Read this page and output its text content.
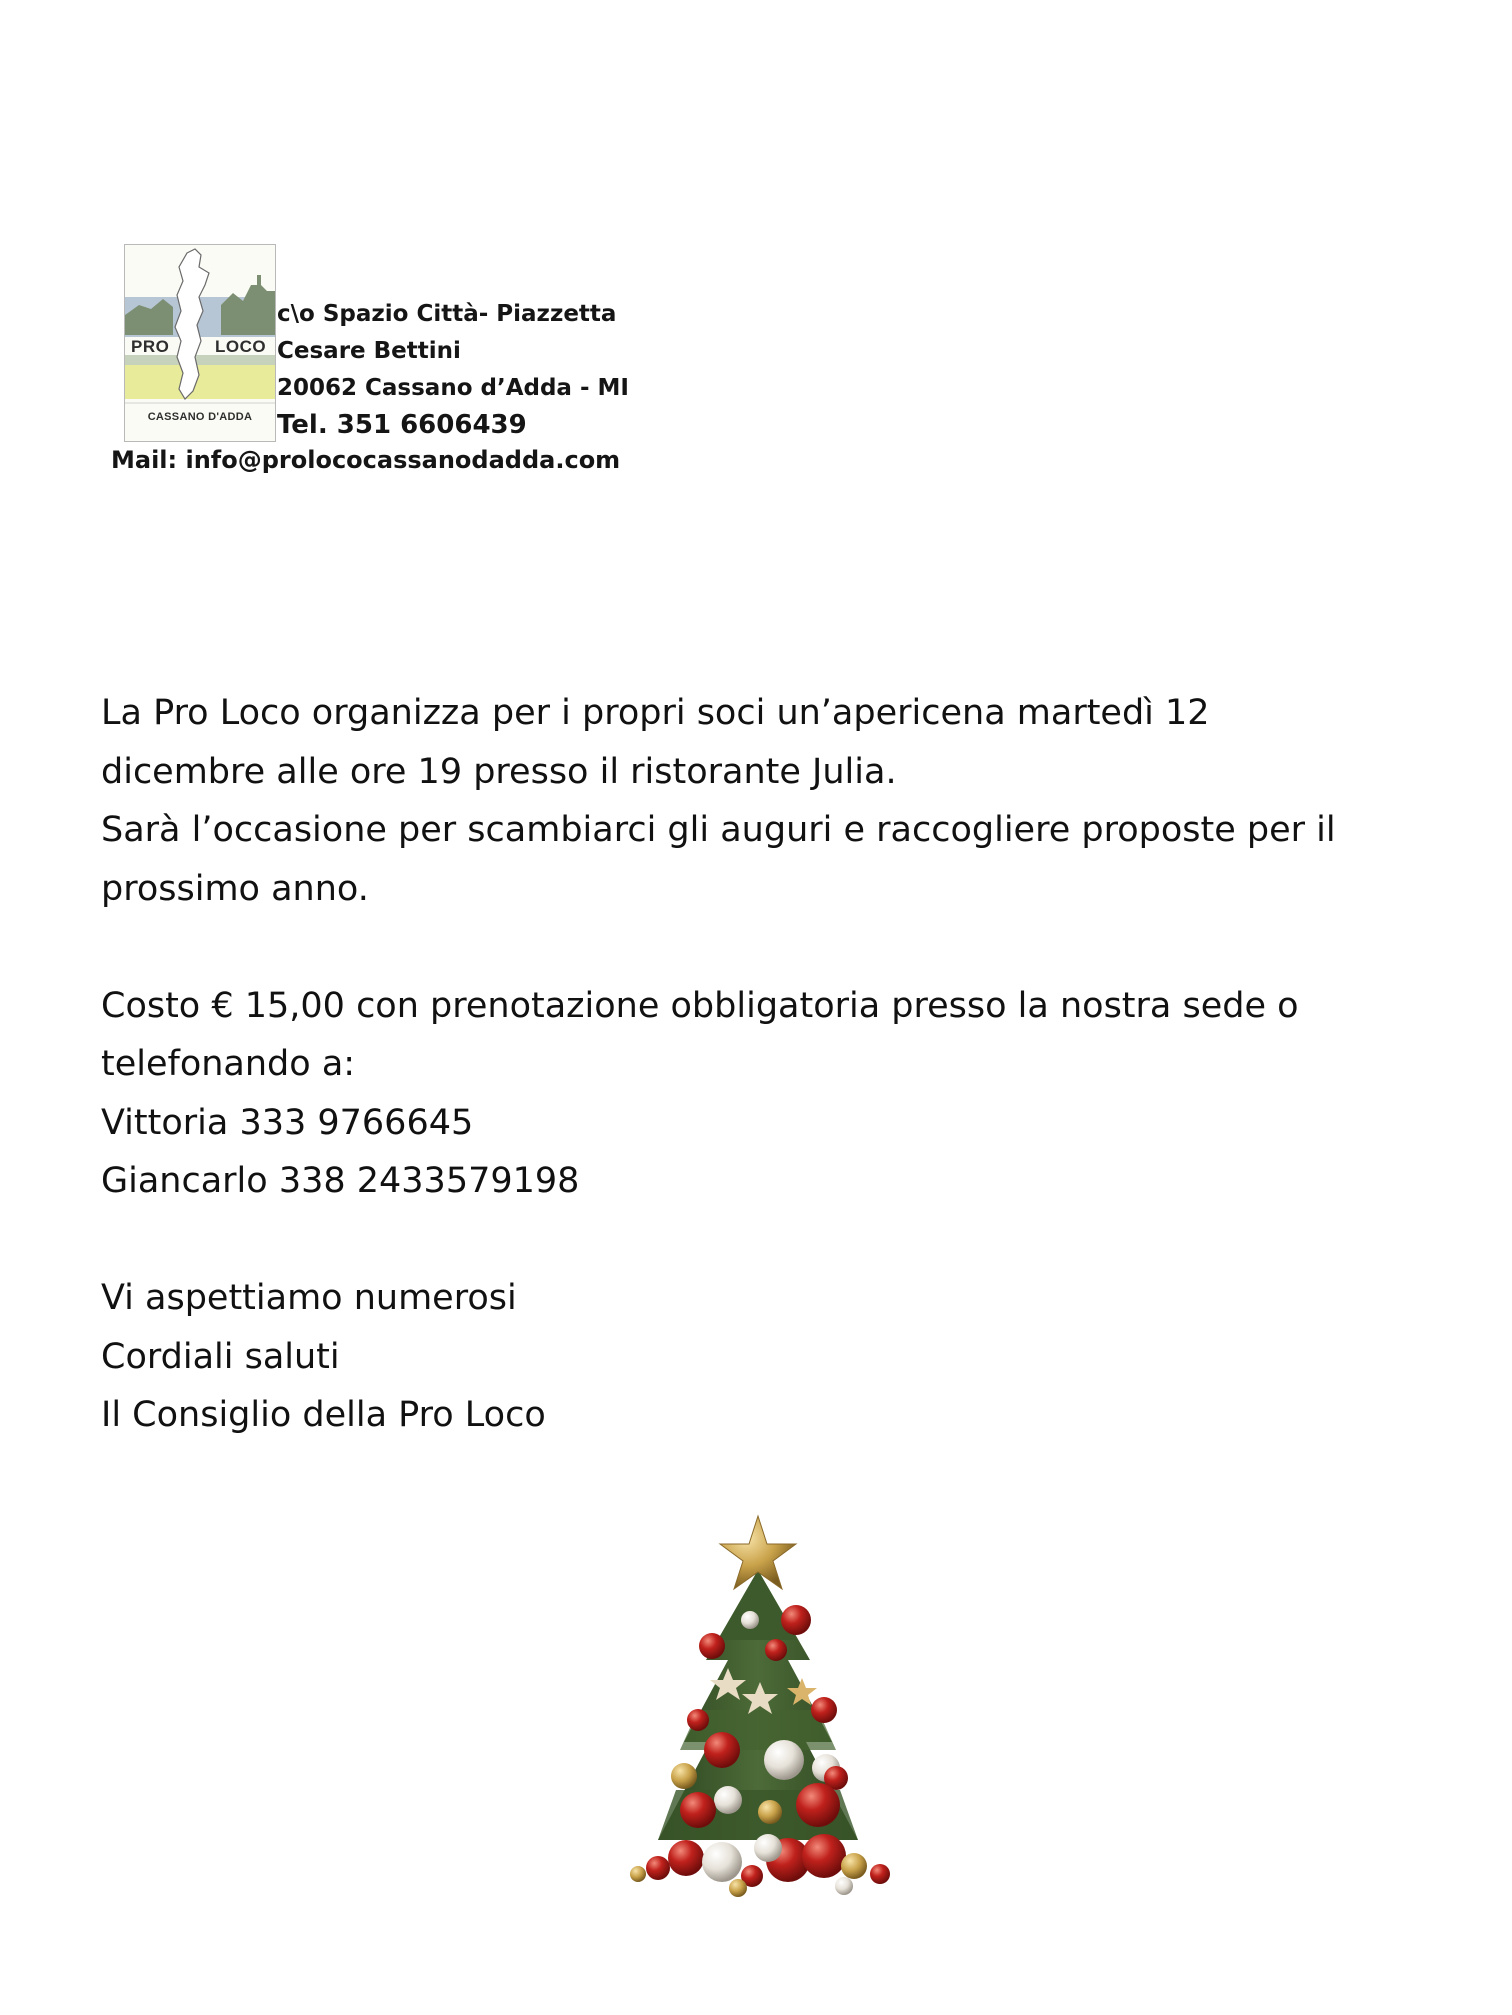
PRO	LOCO
CASSANO D'ADDA
c\o Spazio Città- Piazzetta
Cesare Bettini
20062 Cassano d’Adda - MI
Tel. 351 6606439
Mail: info@prolococassanodadda.com
La Pro Loco organizza per i propri soci un’apericena martedì 12
dicembre alle ore 19 presso il ristorante Julia.
Sarà l’occasione per scambiarci gli auguri e raccogliere proposte per il
prossimo anno.
Costo € 15,00 con prenotazione obbligatoria presso la nostra sede o
telefonando a:
Vittoria 333 9766645
Giancarlo 338 2433579198
Vi aspettiamo numerosi
Cordiali saluti
Il Consiglio della Pro Loco
